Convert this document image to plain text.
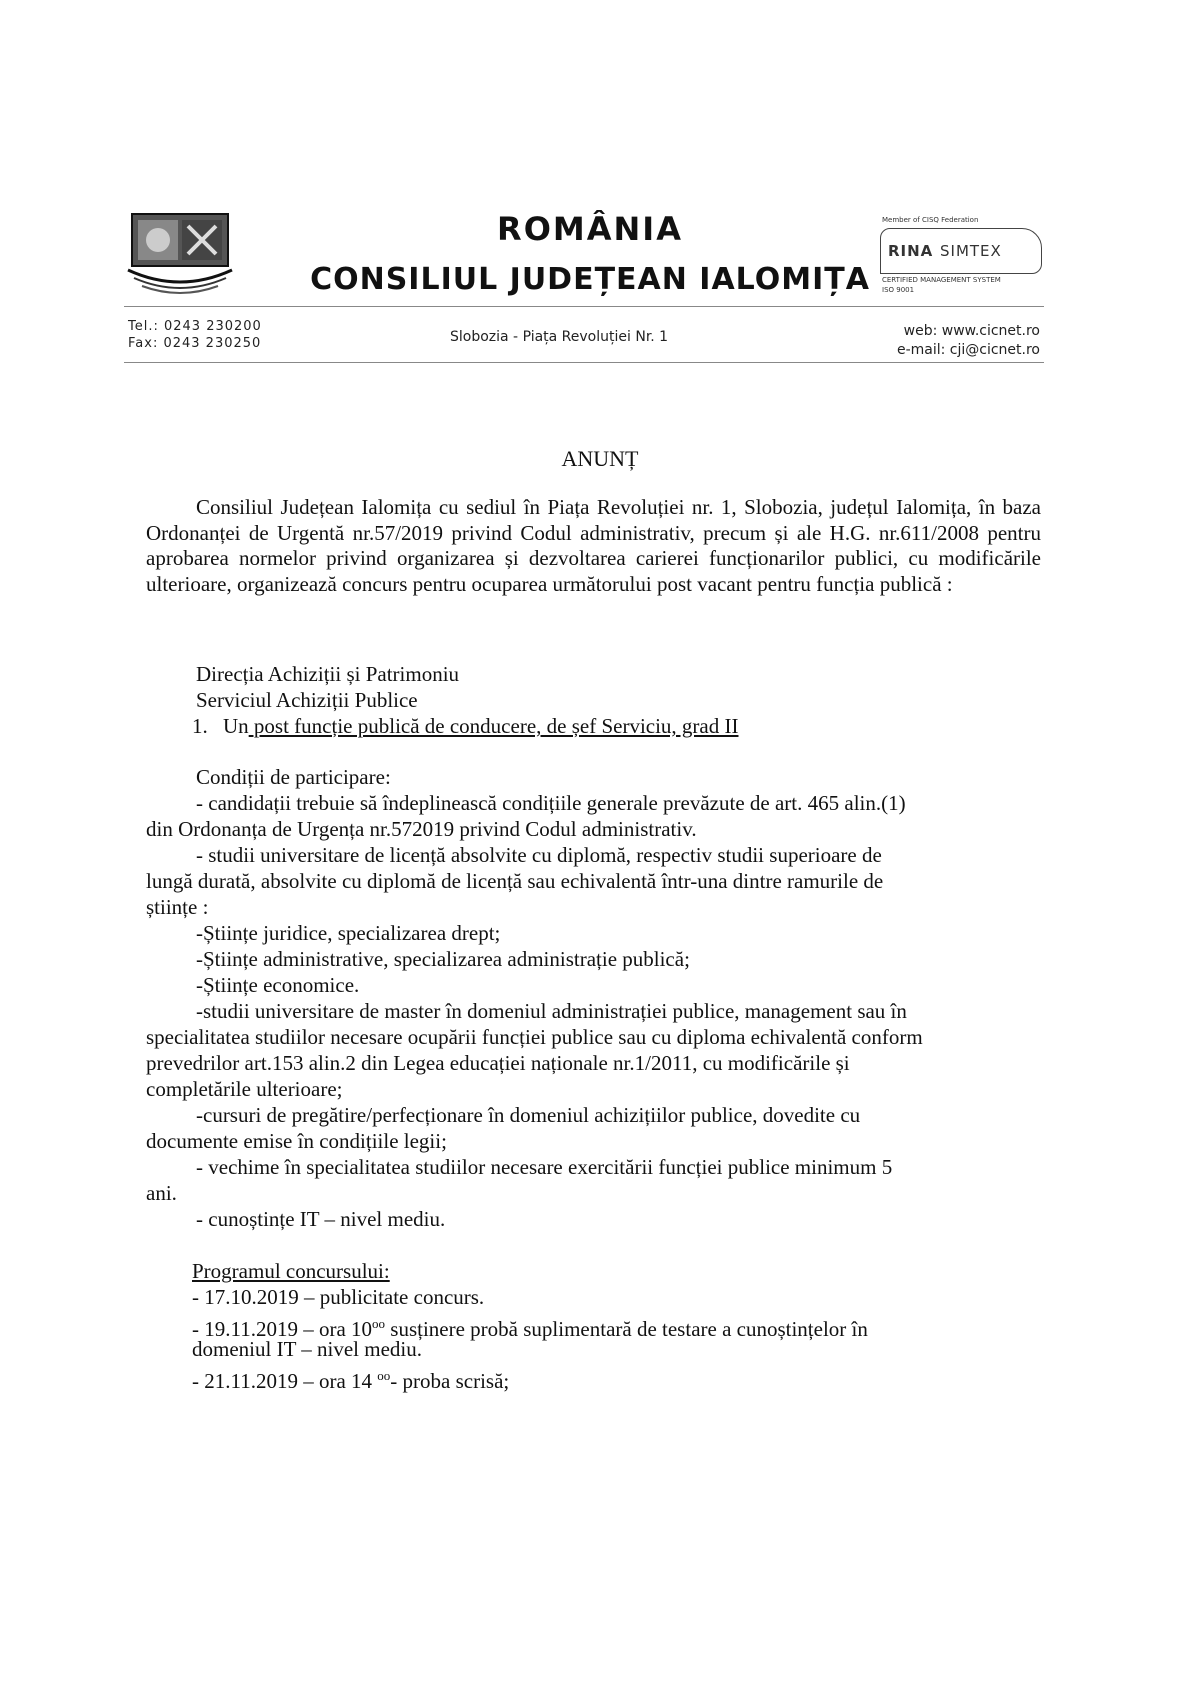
ROMÂNIA
CONSILIUL JUDEȚEAN IALOMIȚA
Member of CISQ Federation
RINA SIMTEX
CERTIFIED MANAGEMENT SYSTEM
ISO 9001
Tel.: 0243 230200
Fax: 0243 230250	Slobozia - Piața Revoluției Nr. 1	web: www.cicnet.ro
e-mail: cji@cicnet.ro
ANUNȚ
Consiliul Județean Ialomița cu sediul în Piața Revoluției nr. 1, Slobozia, județul Ialomița, în baza Ordonanței de Urgentă nr.57/2019 privind Codul administrativ, precum și ale H.G. nr.611/2008 pentru aprobarea normelor privind organizarea și dezvoltarea carierei funcționarilor publici, cu modificările ulterioare, organizează concurs pentru ocuparea următorului post vacant pentru funcția publică :
Direcția Achiziții și Patrimoniu
Serviciul Achiziții Publice
1. Un post funcție publică de conducere, de șef Serviciu, grad II
Condiții de participare:
- candidații trebuie să îndeplinească condițiile generale prevăzute de art. 465 alin.(1)
din Ordonanța de Urgența nr.572019 privind Codul administrativ.
- studii universitare de licență absolvite cu diplomă, respectiv studii superioare de
lungă durată, absolvite cu diplomă de licență sau echivalentă într-una dintre ramurile de
științe :
-Științe juridice, specializarea drept;
-Științe administrative, specializarea administrație publică;
-Științe economice.
-studii universitare de master în domeniul administrației publice, management sau în
specialitatea studiilor necesare ocupării funcției publice sau cu diploma echivalentă conform
prevedrilor art.153 alin.2 din Legea educației naționale nr.1/2011, cu modificările și
completările ulterioare;
-cursuri de pregătire/perfecționare în domeniul achizițiilor publice, dovedite cu
documente emise în condițiile legii;
- vechime în specialitatea studiilor necesare exercitării funcției publice minimum 5
ani.
- cunoștințe IT – nivel mediu.
Programul concursului:
- 17.10.2019 – publicitate concurs.
- 19.11.2019 – ora $10^{oo}$ susținere probă suplimentară de testare a cunoștințelor în
domeniul IT – nivel mediu.
- 21.11.2019 – ora 14 $^{oo}$- proba scrisă;
